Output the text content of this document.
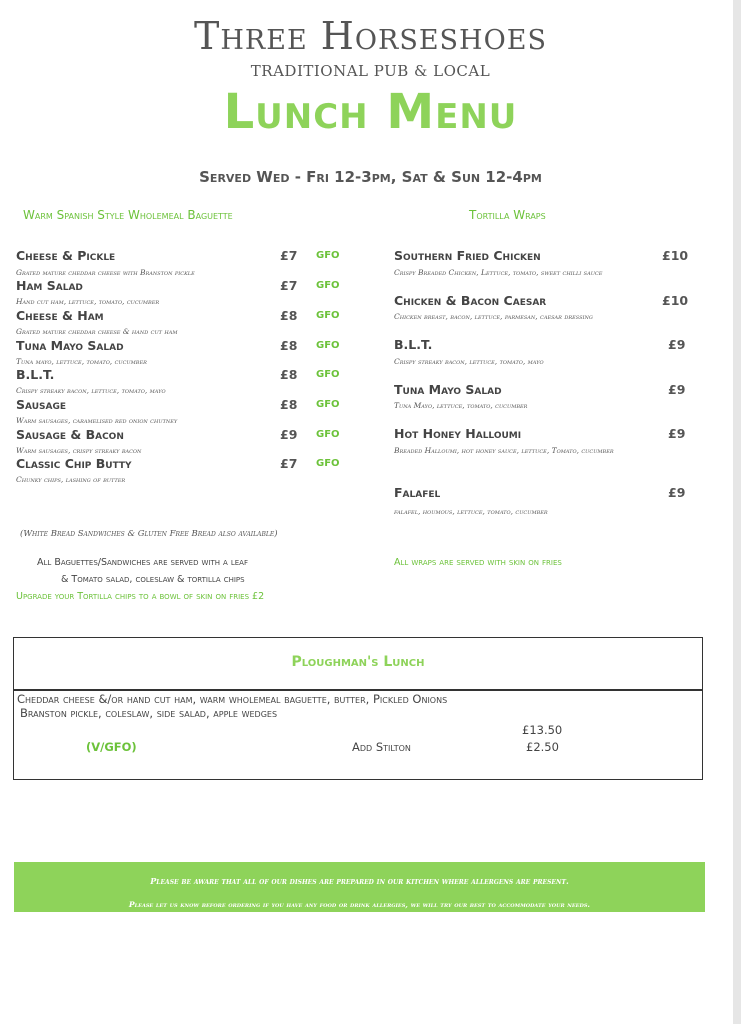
Three Horseshoes
TRADITIONAL PUB & LOCAL
Lunch Menu
Served Wed - Fri 12-3pm, Sat & Sun 12-4pm
Warm Spanish Style Wholemeal Baguette
Cheese & Pickle	£7 GFO
Grated mature cheddar cheese with Branston pickle
Ham Salad	£7 GFO
Hand cut ham, lettuce, tomato, cucumber
Cheese & Ham	£8 GFO
Grated mature cheddar cheese & hand cut ham
Tuna Mayo Salad	£8 GFO
Tuna mayo, lettuce, tomato, cucumber
B.L.T.	£8 GFO
Crispy streaky bacon, lettuce, tomato, mayo
Sausage	£8 GFO
Warm sausages, caramelised red onion chutney
Sausage & Bacon	£9 GFO
Warm sausages, crispy streaky bacon
Classic Chip Butty	£7 GFO
Chunky chips, lashing of butter
(White Bread Sandwiches & Gluten Free Bread also available)
All Baguettes/Sandwiches are served with a leaf
& Tomato salad, coleslaw & tortilla chips
Upgrade your Tortilla chips to a bowl of skin on fries £2
Tortilla Wraps
Southern Fried Chicken	£10
Crispy Breaded Chicken, Lettuce, tomato, sweet chilli sauce
Chicken & Bacon Caesar	£10
Chicken breast, bacon, lettuce, parmesan, caesar dressing
B.L.T.	£9
Crispy streaky bacon, lettuce, tomato, mayo
Tuna Mayo Salad	£9
Tuna Mayo, lettuce, tomato, cucumber
Hot Honey Halloumi	£9
Breaded Halloumi, hot honey sauce, lettuce, Tomato, cucumber
Falafel	£9
falafel, houmous, lettuce, tomato, cucumber
All wraps are served with skin on fries
Ploughman's Lunch
Cheddar cheese &/or hand cut ham, warm wholemeal baguette, butter, Pickled Onions
Branston pickle, coleslaw, side salad, apple wedges
£13.50
(V/GFO)	Add Stilton	£2.50
Please be aware that all of our dishes are prepared in our kitchen where allergens are present.
Please let us know before ordering if you have any food or drink allergies, we will try our best to accommodate your needs.
